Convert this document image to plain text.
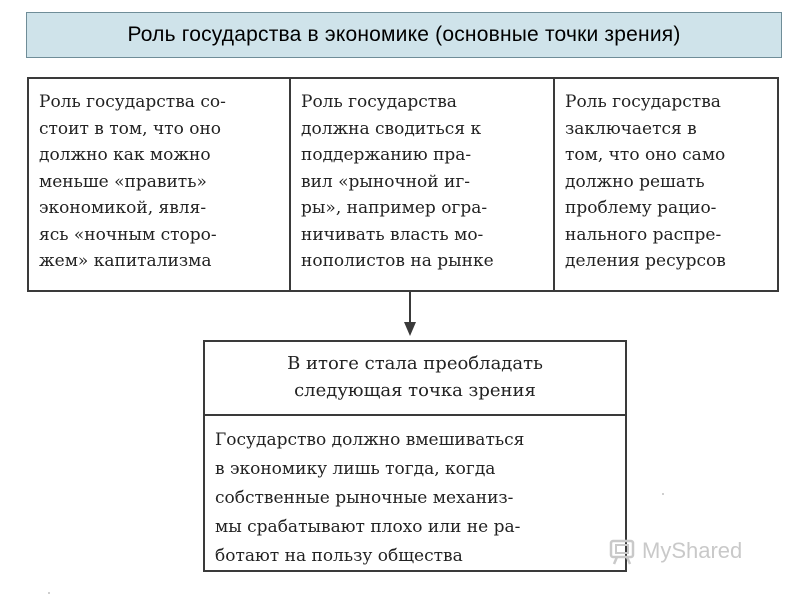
Роль государства в экономике (основные точки зрения)
Роль государства со-
стоит в том, что оно
должно как можно
меньше «править»
экономикой, явля-
ясь «ночным сторо-
жем» капитализма
Роль государства
должна сводиться к
поддержанию пра-
вил «рыночной иг-
ры», например огра-
ничивать власть мо-
нополистов на рынке
Роль государства
заключается в
том, что оно само
должно решать
проблему рацио-
нального распре-
деления ресурсов
В итоге стала преобладать
следующая точка зрения
Государство должно вмешиваться
в экономику лишь тогда, когда
собственные рыночные механиз-
мы срабатывают плохо или не ра-
ботают на пользу общества	MyShared
